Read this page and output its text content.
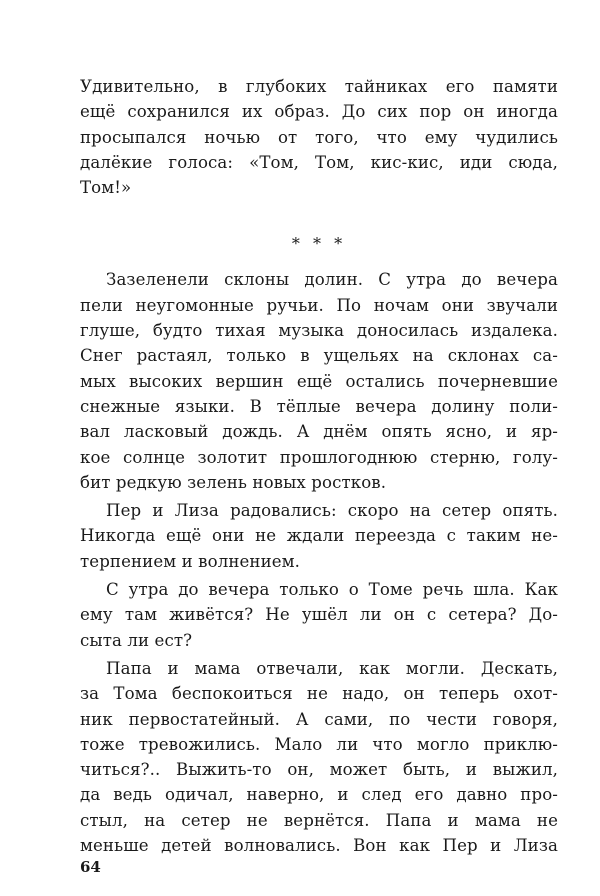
Удивительно, в глубоких тайниках его памяти
ещё сохранился их образ. До сих пор он иногда
просыпался ночью от того, что ему чудились
далёкие голоса: «Том, Том, кис-кис, иди сюда,
Том!»
* * *
Зазеленели склоны долин. С утра до вечера
пели неугомонные ручьи. По ночам они звучали
глуше, будто тихая музыка доносилась издалека.
Снег растаял, только в ущельях на склонах са-
мых высоких вершин ещё остались почерневшие
снежные языки. В тёплые вечера долину поли-
вал ласковый дождь. А днём опять ясно, и яр-
кое солнце золотит прошлогоднюю стерню, голу-
бит редкую зелень новых ростков.
Пер и Лиза радовались: скоро на сетер опять.
Никогда ещё они не ждали переезда с таким не-
терпением и волнением.
С утра до вечера только о Томе речь шла. Как
ему там живётся? Не ушёл ли он с сетера? До-
сыта ли ест?
Папа и мама отвечали, как могли. Дескать,
за Тома беспокоиться не надо, он теперь охот-
ник первостатейный. А сами, по чести говоря,
тоже тревожились. Мало ли что могло приклю-
читься?.. Выжить-то он, может быть, и выжил,
да ведь одичал, наверно, и след его давно про-
стыл, на сетер не вернётся. Папа и мама не
меньше детей волновались. Вон как Пер и Лиза
64
